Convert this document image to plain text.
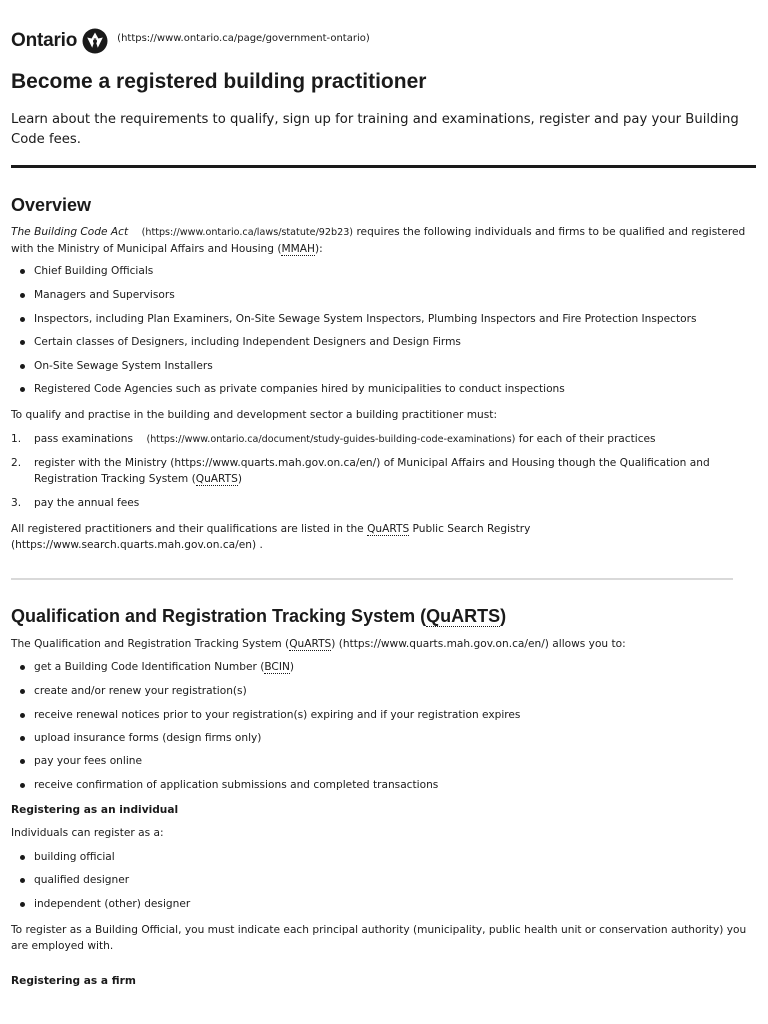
Ontario	(https://www.ontario.ca/page/government-ontario)
Become a registered building practitioner

Learn about the requirements to qualify, sign up for training and examinations, register and pay your Building Code fees.

Overview

The Building Code Act (https://www.ontario.ca/laws/statute/92b23) requires the following individuals and firms to be qualified and registered with the Ministry of Municipal Affairs and Housing (MMAH):

Chief Building Officials
Managers and Supervisors
Inspectors, including Plan Examiners, On-Site Sewage System Inspectors, Plumbing Inspectors and Fire Protection Inspectors
Certain classes of Designers, including Independent Designers and Design Firms
On-Site Sewage System Installers
Registered Code Agencies such as private companies hired by municipalities to conduct inspections

To qualify and practise in the building and development sector a building practitioner must:

1. pass examinations (https://www.ontario.ca/document/study-guides-building-code-examinations) for each of their practices
2. register with the Ministry (https://www.quarts.mah.gov.on.ca/en/) of Municipal Affairs and Housing though the Qualification and Registration Tracking System (QuARTS)
3. pay the annual fees

All registered practitioners and their qualifications are listed in the QuARTS Public Search Registry
(https://www.search.quarts.mah.gov.on.ca/en) .

Qualification and Registration Tracking System (QuARTS)

The Qualification and Registration Tracking System (QuARTS) (https://www.quarts.mah.gov.on.ca/en/) allows you to:

get a Building Code Identification Number (BCIN)
create and/or renew your registration(s)
receive renewal notices prior to your registration(s) expiring and if your registration expires
upload insurance forms (design firms only)
pay your fees online
receive confirmation of application submissions and completed transactions

Registering as an individual

Individuals can register as a:

building official
qualified designer
independent (other) designer

To register as a Building Official, you must indicate each principal authority (municipality, public health unit or conservation authority) you are employed with.

Registering as a firm
